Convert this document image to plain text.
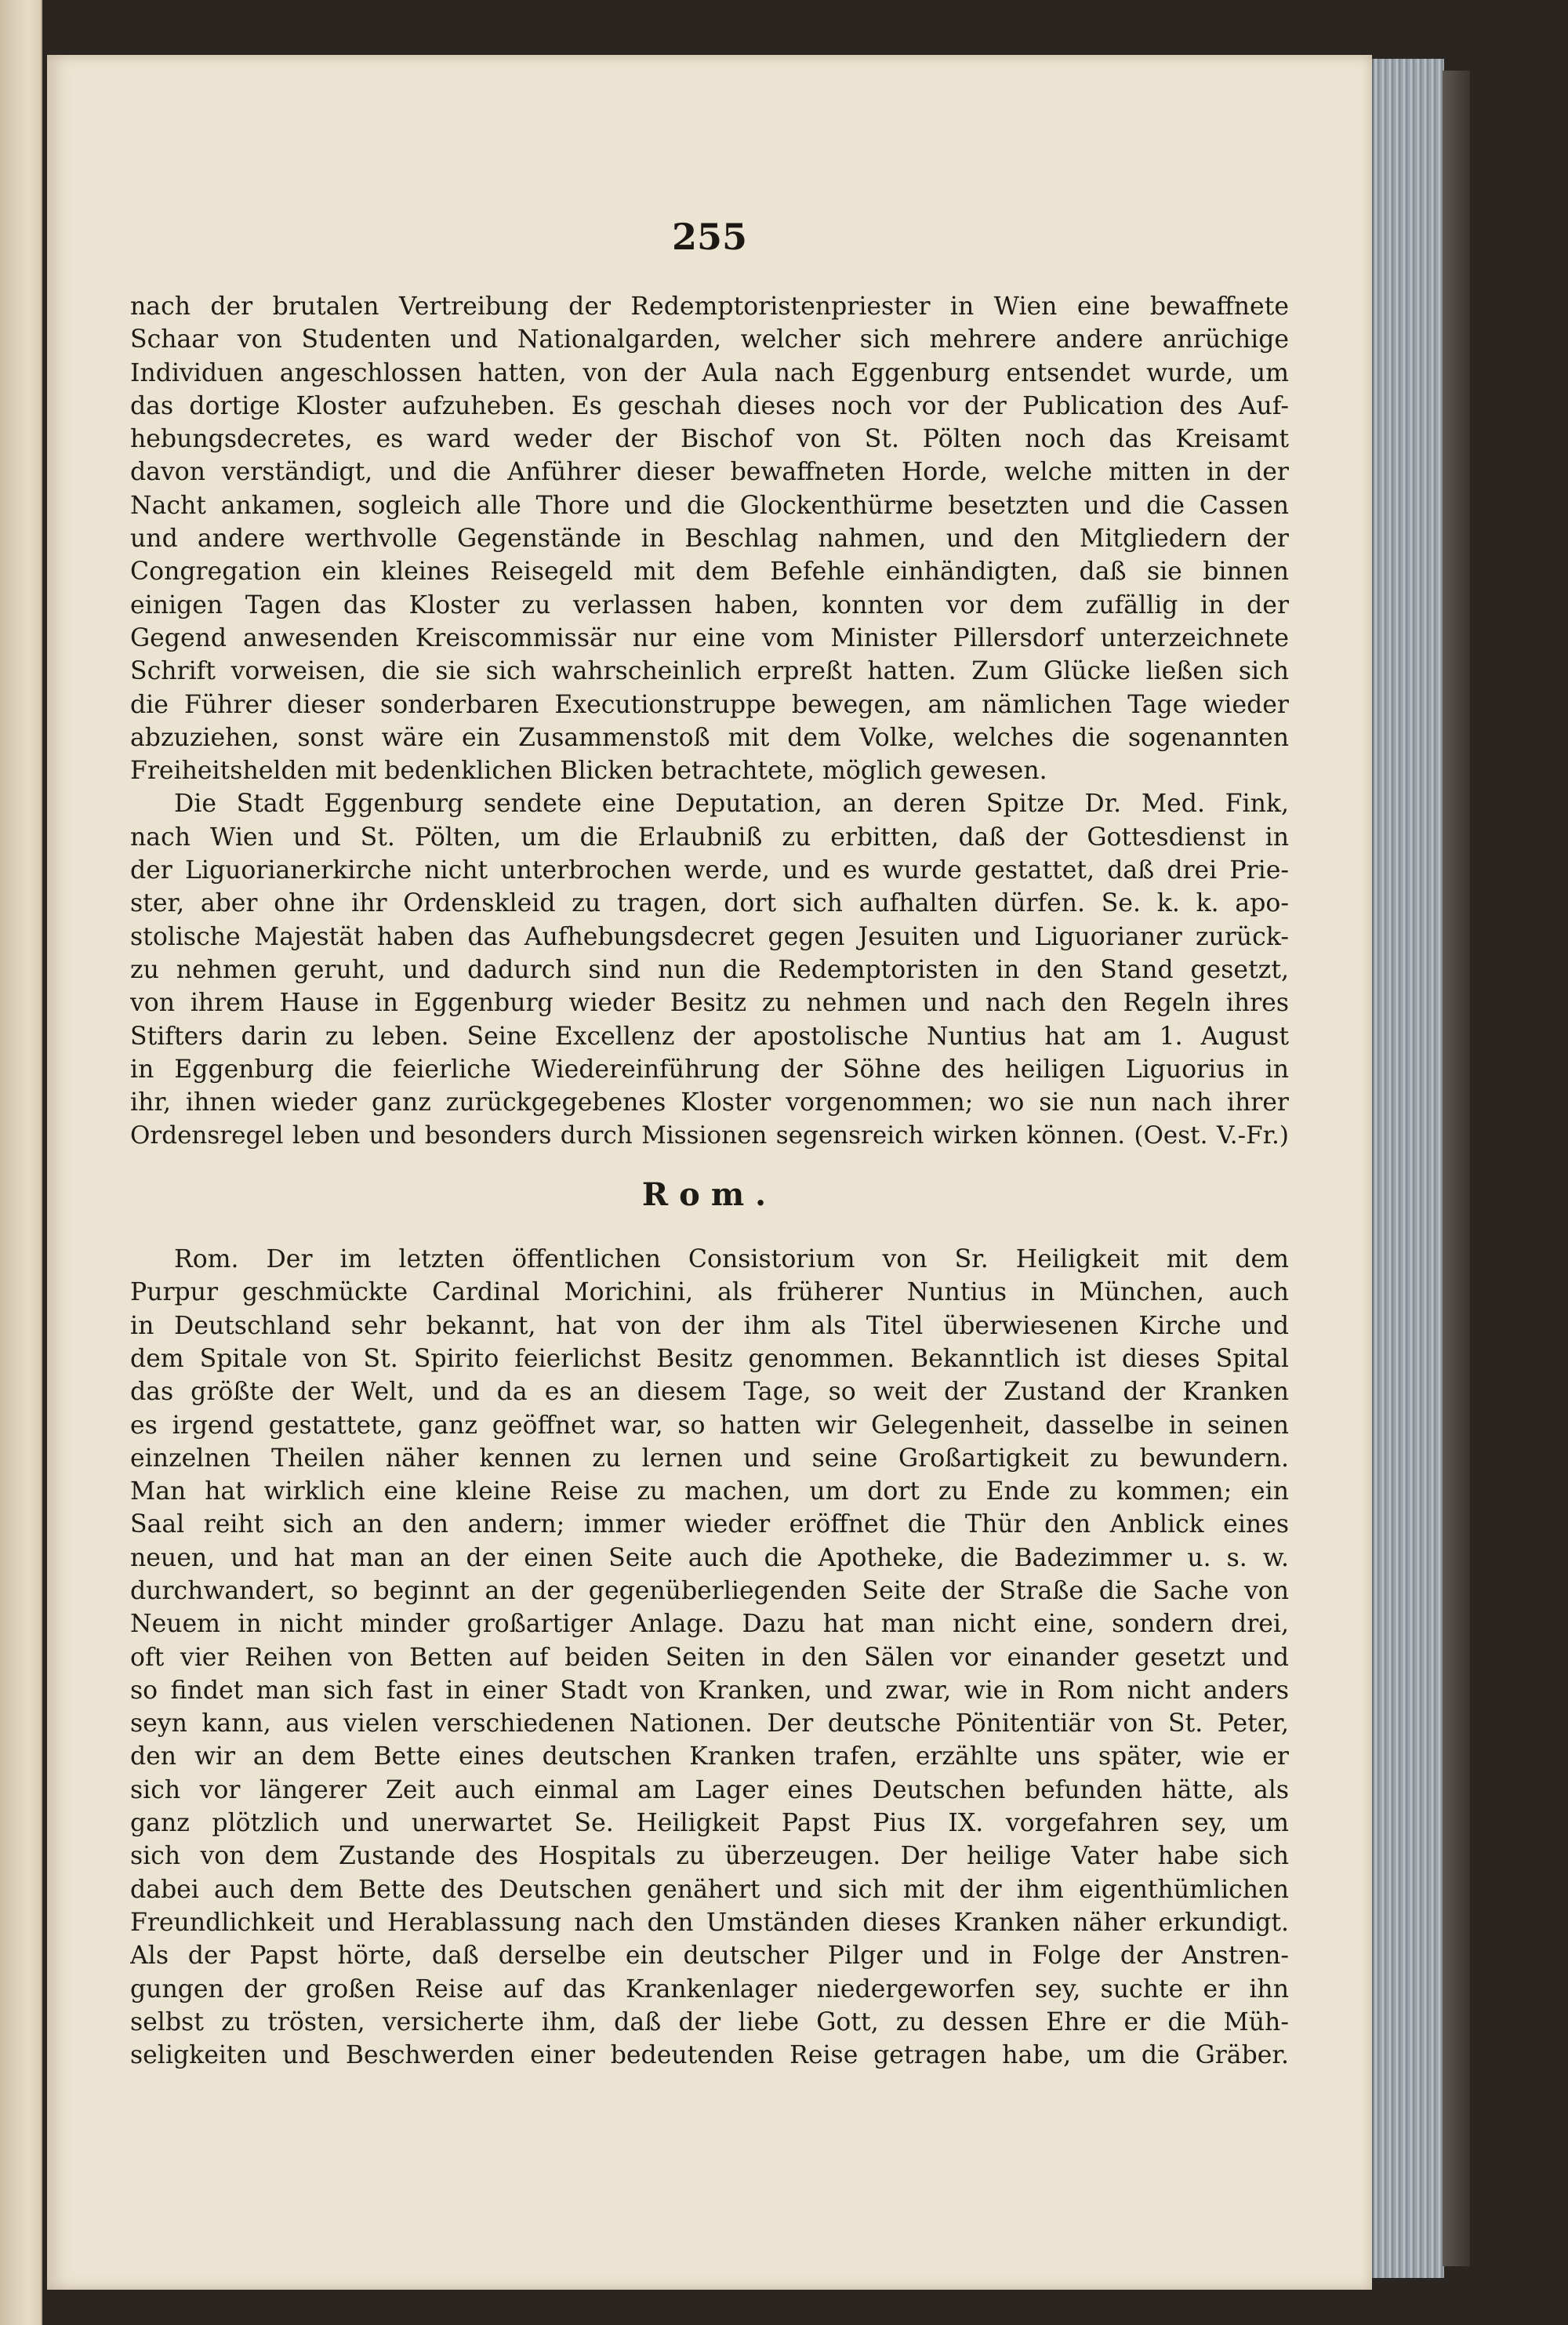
255
nach der brutalen Vertreibung der Redemptoristenpriester in Wien eine bewaffnete
Schaar von Studenten und Nationalgarden, welcher sich mehrere andere anrüchige
Individuen angeschlossen hatten, von der Aula nach Eggenburg entsendet wurde, um
das dortige Kloster aufzuheben. Es geschah dieses noch vor der Publication des Auf-
hebungsdecretes, es ward weder der Bischof von St. Pölten noch das Kreisamt
davon verständigt, und die Anführer dieser bewaffneten Horde, welche mitten in der
Nacht ankamen, sogleich alle Thore und die Glockenthürme besetzten und die Cassen
und andere werthvolle Gegenstände in Beschlag nahmen, und den Mitgliedern der
Congregation ein kleines Reisegeld mit dem Befehle einhändigten, daß sie binnen
einigen Tagen das Kloster zu verlassen haben, konnten vor dem zufällig in der
Gegend anwesenden Kreiscommissär nur eine vom Minister Pillersdorf unterzeichnete
Schrift vorweisen, die sie sich wahrscheinlich erpreßt hatten. Zum Glücke ließen sich
die Führer dieser sonderbaren Executionstruppe bewegen, am nämlichen Tage wieder
abzuziehen, sonst wäre ein Zusammenstoß mit dem Volke, welches die sogenannten
Freiheitshelden mit bedenklichen Blicken betrachtete, möglich gewesen.
Die Stadt Eggenburg sendete eine Deputation, an deren Spitze Dr. Med. Fink,
nach Wien und St. Pölten, um die Erlaubniß zu erbitten, daß der Gottesdienst in
der Liguorianerkirche nicht unterbrochen werde, und es wurde gestattet, daß drei Prie-
ster, aber ohne ihr Ordenskleid zu tragen, dort sich aufhalten dürfen. Se. k. k. apo-
stolische Majestät haben das Aufhebungsdecret gegen Jesuiten und Liguorianer zurück-
zu nehmen geruht, und dadurch sind nun die Redemptoristen in den Stand gesetzt,
von ihrem Hause in Eggenburg wieder Besitz zu nehmen und nach den Regeln ihres
Stifters darin zu leben. Seine Excellenz der apostolische Nuntius hat am 1. August
in Eggenburg die feierliche Wiedereinführung der Söhne des heiligen Liguorius in
ihr, ihnen wieder ganz zurückgegebenes Kloster vorgenommen; wo sie nun nach ihrer
Ordensregel leben und besonders durch Missionen segensreich wirken können. (Oest. V.-Fr.)
Rom.
Rom. Der im letzten öffentlichen Consistorium von Sr. Heiligkeit mit dem
Purpur geschmückte Cardinal Morichini, als früherer Nuntius in München, auch
in Deutschland sehr bekannt, hat von der ihm als Titel überwiesenen Kirche und
dem Spitale von St. Spirito feierlichst Besitz genommen. Bekanntlich ist dieses Spital
das größte der Welt, und da es an diesem Tage, so weit der Zustand der Kranken
es irgend gestattete, ganz geöffnet war, so hatten wir Gelegenheit, dasselbe in seinen
einzelnen Theilen näher kennen zu lernen und seine Großartigkeit zu bewundern.
Man hat wirklich eine kleine Reise zu machen, um dort zu Ende zu kommen; ein
Saal reiht sich an den andern; immer wieder eröffnet die Thür den Anblick eines
neuen, und hat man an der einen Seite auch die Apotheke, die Badezimmer u. s. w.
durchwandert, so beginnt an der gegenüberliegenden Seite der Straße die Sache von
Neuem in nicht minder großartiger Anlage. Dazu hat man nicht eine, sondern drei,
oft vier Reihen von Betten auf beiden Seiten in den Sälen vor einander gesetzt und
so findet man sich fast in einer Stadt von Kranken, und zwar, wie in Rom nicht anders
seyn kann, aus vielen verschiedenen Nationen. Der deutsche Pönitentiär von St. Peter,
den wir an dem Bette eines deutschen Kranken trafen, erzählte uns später, wie er
sich vor längerer Zeit auch einmal am Lager eines Deutschen befunden hätte, als
ganz plötzlich und unerwartet Se. Heiligkeit Papst Pius IX. vorgefahren sey, um
sich von dem Zustande des Hospitals zu überzeugen. Der heilige Vater habe sich
dabei auch dem Bette des Deutschen genähert und sich mit der ihm eigenthümlichen
Freundlichkeit und Herablassung nach den Umständen dieses Kranken näher erkundigt.
Als der Papst hörte, daß derselbe ein deutscher Pilger und in Folge der Anstren-
gungen der großen Reise auf das Krankenlager niedergeworfen sey, suchte er ihn
selbst zu trösten, versicherte ihm, daß der liebe Gott, zu dessen Ehre er die Müh-
seligkeiten und Beschwerden einer bedeutenden Reise getragen habe, um die Gräber.
